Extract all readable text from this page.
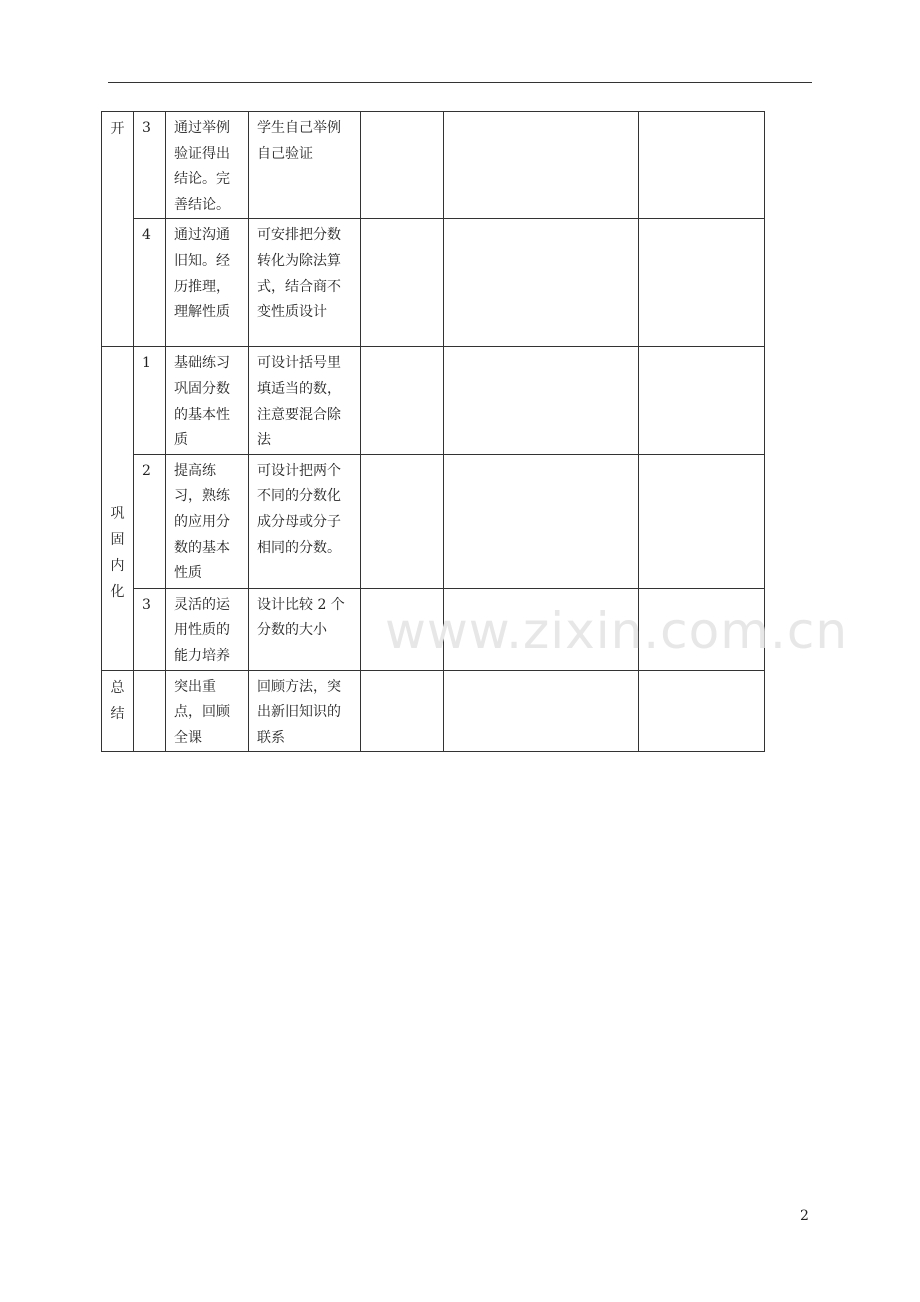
开	3	通过举例验证得出结论。完善结论。	学生自己举例自己验证			
	4	通过沟通旧知。经历推理，理解性质	可安排把分数转化为除法算式，结合商不变性质设计			
巩固内化	1	基础练习巩固分数的基本性质	可设计括号里填适当的数，注意要混合除法			
	2	提高练习，熟练的应用分数的基本性质	可设计把两个不同的分数化成分母或分子相同的分数。			
	3	灵活的运用性质的能力培养	设计比较 2 个分数的大小			
总结		突出重点，回顾全课	回顾方法，突出新旧知识的联系			
www.zixin.com.cn
2
